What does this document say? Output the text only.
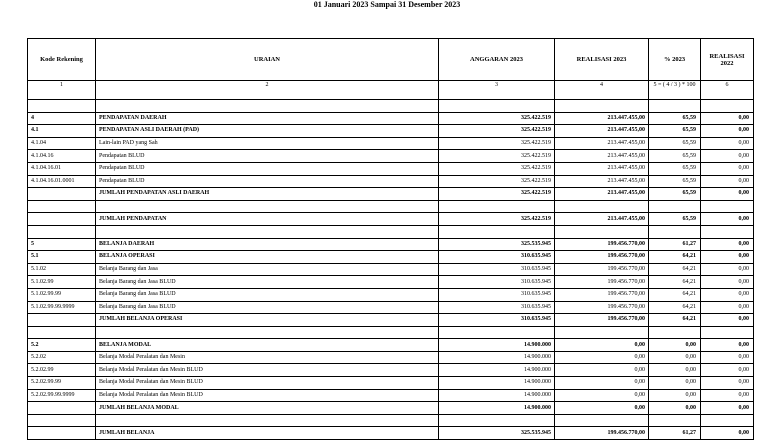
01 Januari 2023 Sampai 31 Desember 2023
Kode Rekening	URAIAN	ANGGARAN 2023	REALISASI 2023	% 2023	REALISASI 2022
1	2	3	4	5 = ( 4 / 3 ) * 100	6

4	PENDAPATAN DAERAH	325.422.519	213.447.455,00	65,59	0,00
4.1	PENDAPATAN ASLI DAERAH (PAD)	325.422.519	213.447.455,00	65,59	0,00
4.1.04	Lain-lain PAD yang Sah	325.422.519	213.447.455,00	65,59	0,00
4.1.04.16	Pendapatan BLUD	325.422.519	213.447.455,00	65,59	0,00
4.1.04.16.01	Pendapatan BLUD	325.422.519	213.447.455,00	65,59	0,00
4.1.04.16.01.0001	Pendapatan BLUD	325.422.519	213.447.455,00	65,59	0,00
	JUMLAH PENDAPATAN ASLI DAERAH	325.422.519	213.447.455,00	65,59	0,00

	JUMLAH PENDAPATAN	325.422.519	213.447.455,00	65,59	0,00

5	BELANJA DAERAH	325.535.945	199.456.770,00	61,27	0,00
5.1	BELANJA OPERASI	310.635.945	199.456.770,00	64,21	0,00
5.1.02	Belanja Barang dan Jasa	310.635.945	199.456.770,00	64,21	0,00
5.1.02.99	Belanja Barang dan Jasa BLUD	310.635.945	199.456.770,00	64,21	0,00
5.1.02.99.99	Belanja Barang dan Jasa BLUD	310.635.945	199.456.770,00	64,21	0,00
5.1.02.99.99.9999	Belanja Barang dan Jasa BLUD	310.635.945	199.456.770,00	64,21	0,00
	JUMLAH BELANJA OPERASI	310.635.945	199.456.770,00	64,21	0,00

5.2	BELANJA MODAL	14.900.000	0,00	0,00	0,00
5.2.02	Belanja Modal Peralatan dan Mesin	14.900.000	0,00	0,00	0,00
5.2.02.99	Belanja Modal Peralatan dan Mesin BLUD	14.900.000	0,00	0,00	0,00
5.2.02.99.99	Belanja Modal Peralatan dan Mesin BLUD	14.900.000	0,00	0,00	0,00
5.2.02.99.99.9999	Belanja Modal Peralatan dan Mesin BLUD	14.900.000	0,00	0,00	0,00
	JUMLAH BELANJA MODAL	14.900.000	0,00	0,00	0,00

	JUMLAH BELANJA	325.535.945	199.456.770,00	61,27	0,00
